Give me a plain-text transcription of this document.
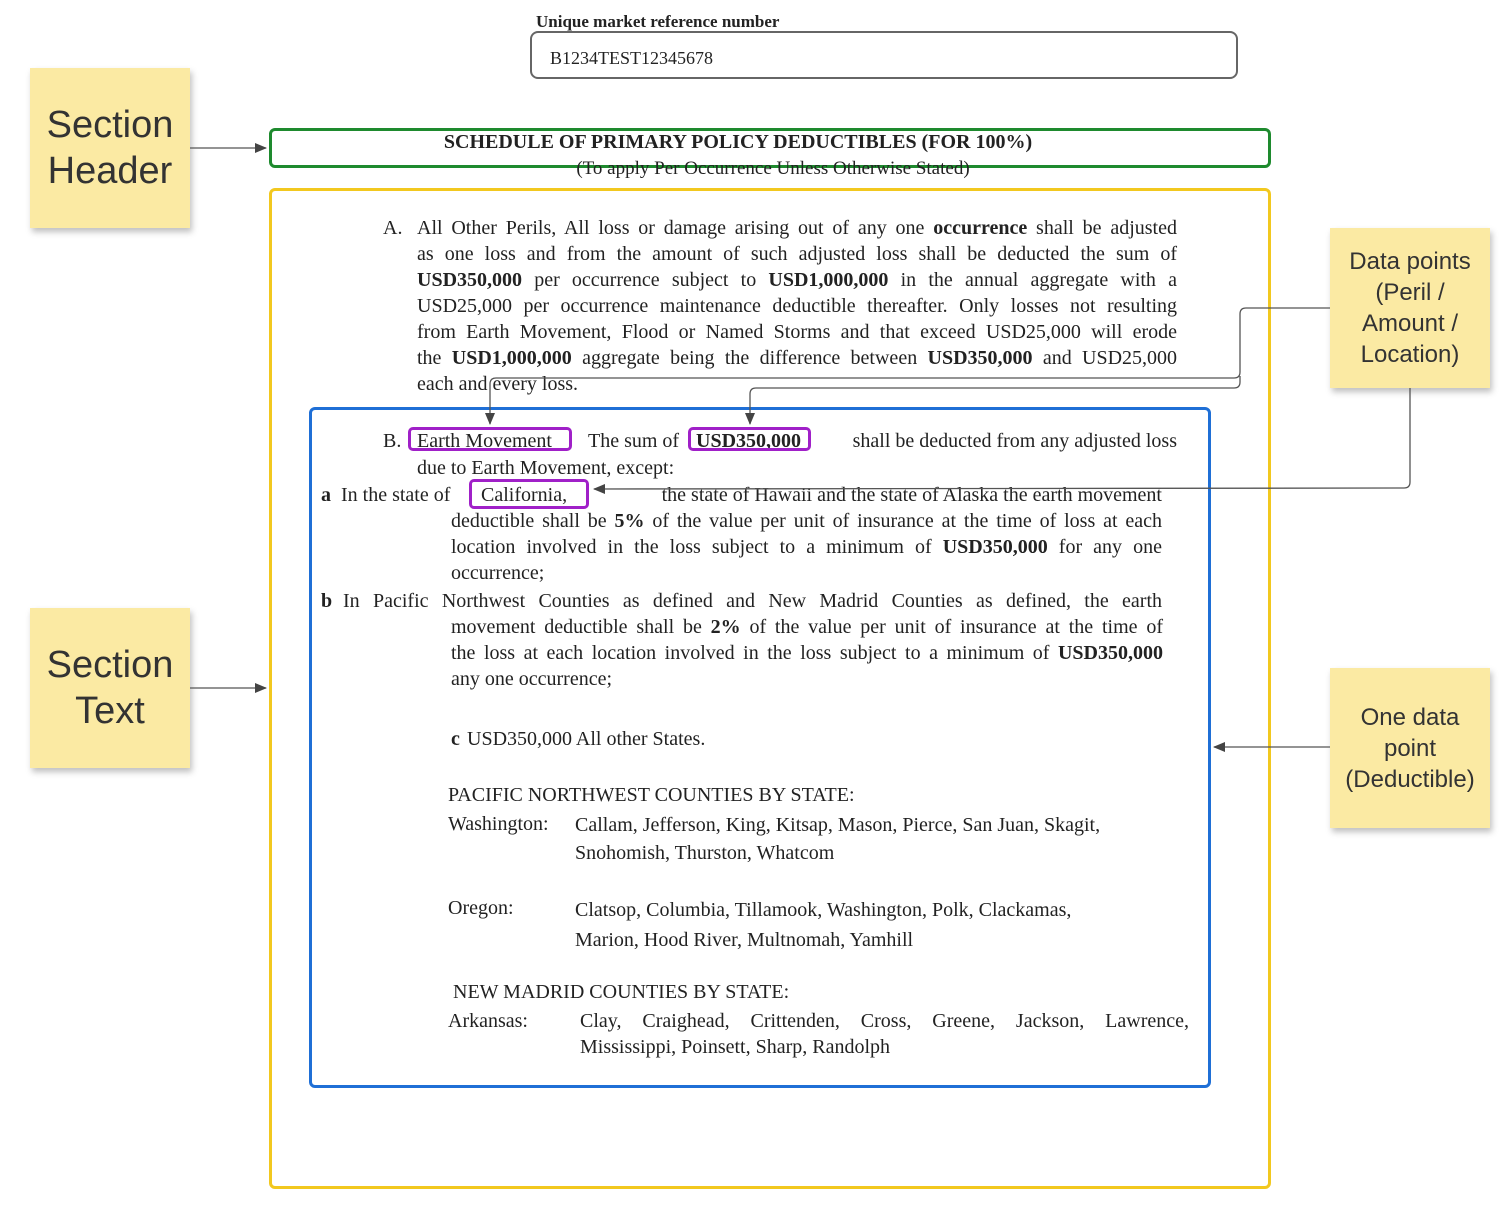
Unique market reference number
B1234TEST12345678
Section Header
Section Text
Data points (Peril / Amount / Location)
One data point (Deductible)
SCHEDULE OF PRIMARY POLICY DEDUCTIBLES (FOR 100%)
(To apply Per Occurrence Unless Otherwise Stated)
A. All Other Perils, All loss or damage arising out of any one occurrence shall be adjusted
as one loss and from the amount of such adjusted loss shall be deducted the sum of
USD350,000 per occurrence subject to USD1,000,000 in the annual aggregate with a
USD25,000 per occurrence maintenance deductible thereafter. Only losses not resulting
from Earth Movement, Flood or Named Storms and that exceed USD25,000 will erode
the USD1,000,000 aggregate being the difference between USD350,000 and USD25,000
each and every loss.
B. Earth Movement The sum of USD350,000	shall be deducted from any adjusted loss
due to Earth Movement, except:
a In the state of California,	the state of Hawaii and the state of Alaska the earth movement
deductible shall be 5% of the value per unit of insurance at the time of loss at each
location involved in the loss subject to a minimum of USD350,000 for any one
occurrence;
b In Pacific Northwest Counties as defined and New Madrid Counties as defined, the earth
movement deductible shall be 2% of the value per unit of insurance at the time of
the loss at each location involved in the loss subject to a minimum of USD350,000
any one occurrence;
c USD350,000 All other States.
PACIFIC NORTHWEST COUNTIES BY STATE:
Washington: Callam, Jefferson, King, Kitsap, Mason, Pierce, San Juan, Skagit,
Snohomish, Thurston, Whatcom
Oregon:	Clatsop, Columbia, Tillamook, Washington, Polk, Clackamas,
Marion, Hood River, Multnomah, Yamhill
NEW MADRID COUNTIES BY STATE:
Arkansas:	Clay, Craighead, Crittenden, Cross, Greene, Jackson, Lawrence,
Mississippi, Poinsett, Sharp, Randolph
